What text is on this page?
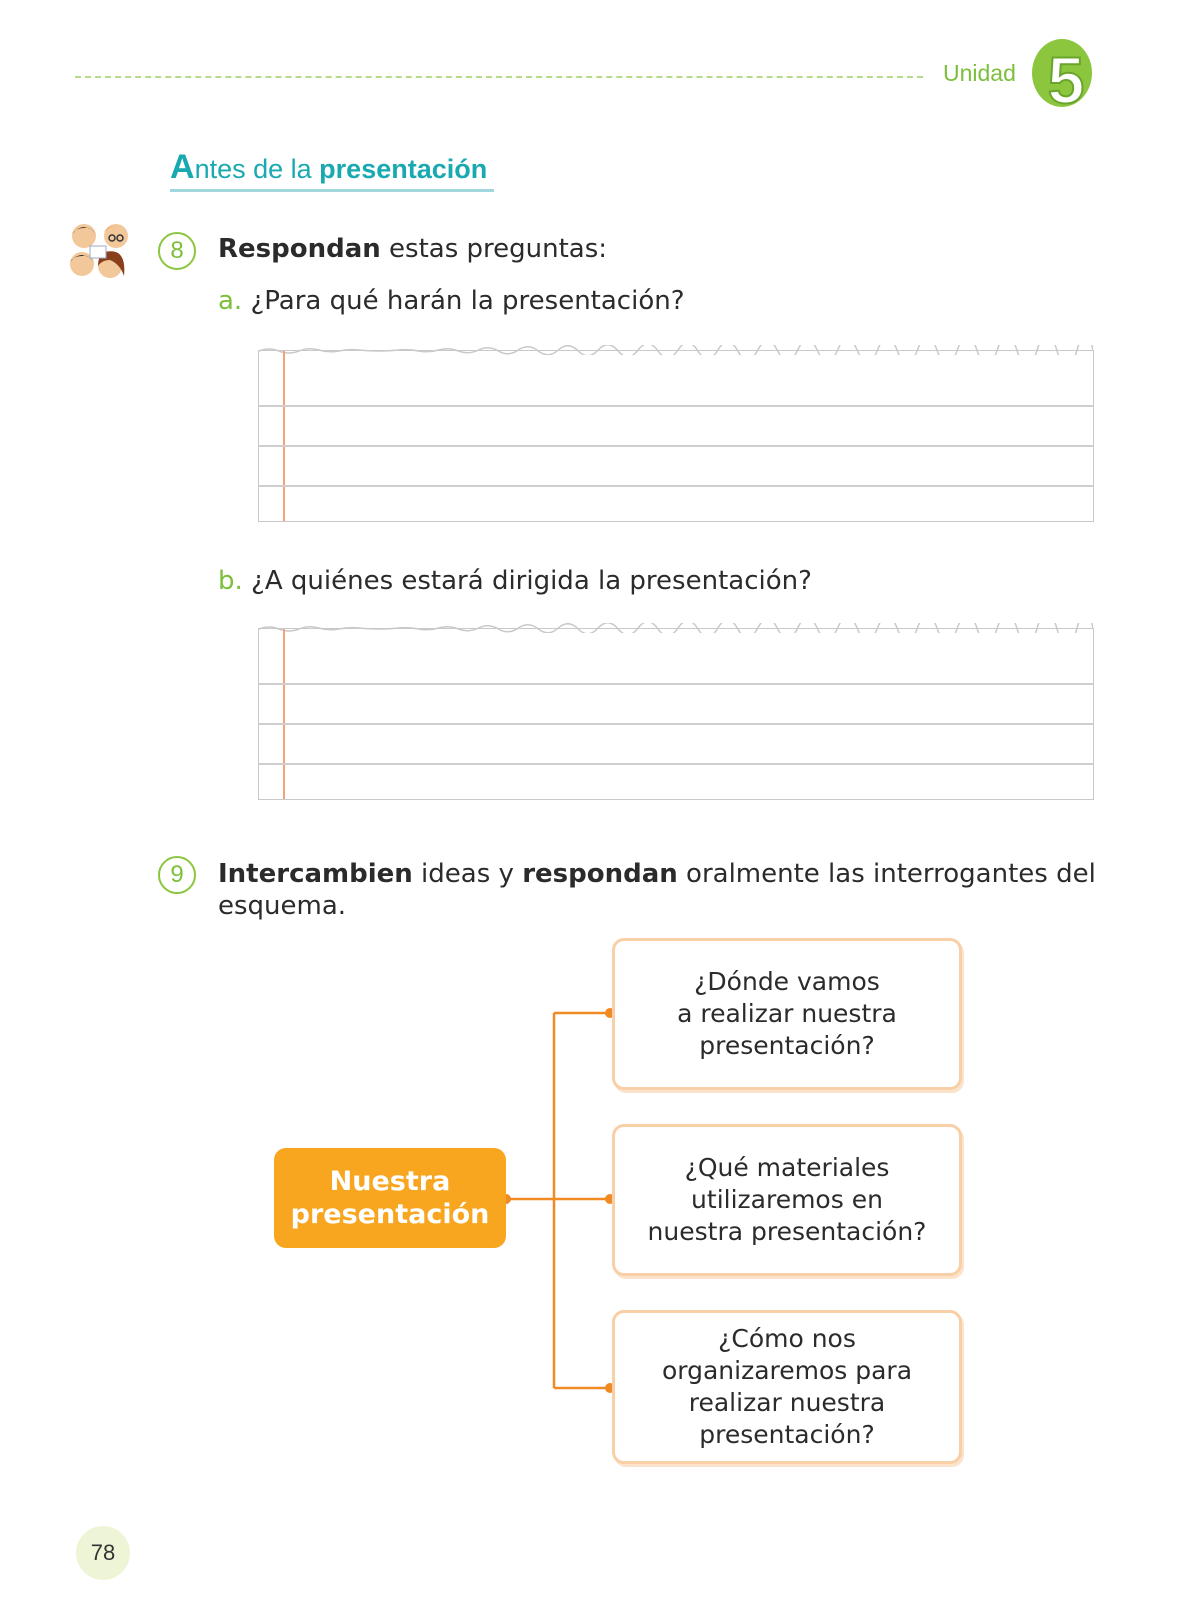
Unidad 5
Antes de la presentación
8	Respondan estas preguntas:
a. ¿Para qué harán la presentación?
b. ¿A quiénes estará dirigida la presentación?
9	Intercambien ideas y respondan oralmente las interrogantes del
esquema.
Nuestra presentación
¿Dónde vamos
a realizar nuestra
presentación?
¿Qué materiales
utilizaremos en
nuestra presentación?
¿Cómo nos
organizaremos para
realizar nuestra
presentación?
78
